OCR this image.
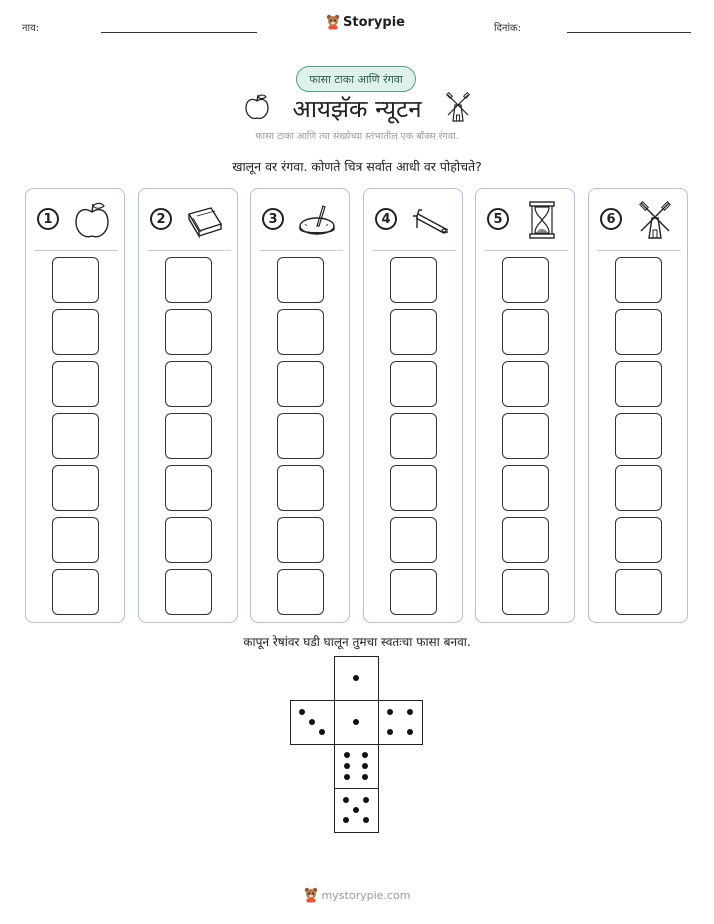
नाव:	Storypie	दिनांक:
फासा टाका आणि रंगवा
आयझॅक न्यूटन
फासा टाका आणि त्या संख्येच्या स्तंभातील एक बॉक्स रंगवा.
खालून वर रंगवा. कोणते चित्र सर्वात आधी वर पोहोचते?
1	2	3	4	5	6
कापून रेषांवर घडी घालून तुमचा स्वतःचा फासा बनवा.
mystorypie.com
